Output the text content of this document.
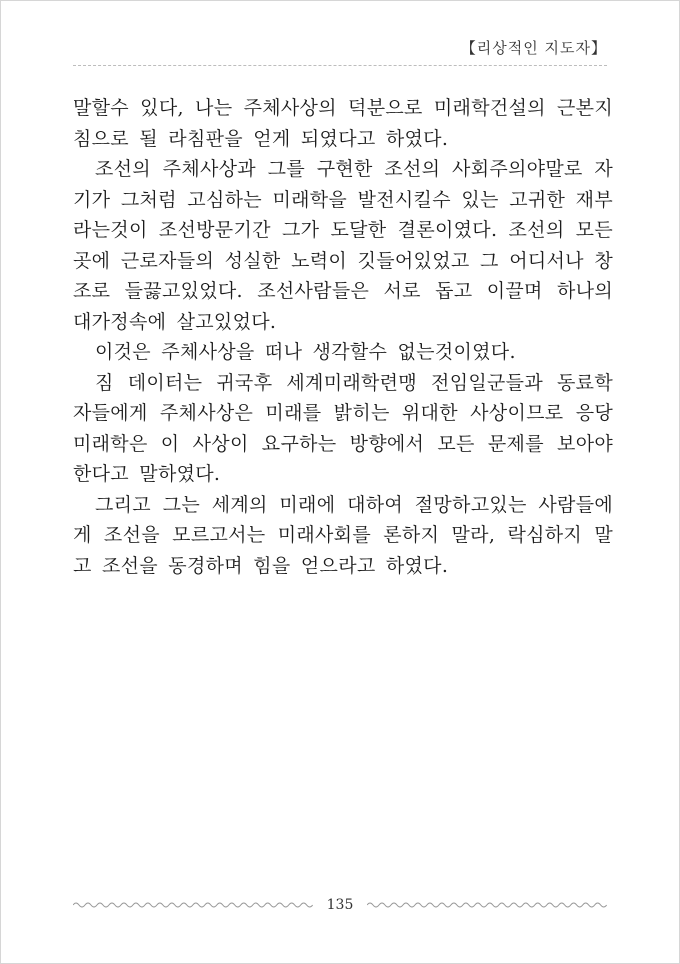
【리상적인 지도자】

말할수 있다, 나는 주체사상의 덕분으로 미래학건설의 근본지침으로 될 라침판을 얻게 되였다고 하였다.

조선의 주체사상과 그를 구현한 조선의 사회주의야말로 자기가 그처럼 고심하는 미래학을 발전시킬수 있는 고귀한 재부라는것이 조선방문기간 그가 도달한 결론이였다. 조선의 모든 곳에 근로자들의 성실한 노력이 깃들어있었고 그 어디서나 창조로 들끓고있었다. 조선사람들은 서로 돕고 이끌며 하나의 대가정속에 살고있었다.

이것은 주체사상을 떠나 생각할수 없는것이였다.

짐 데이터는 귀국후 세계미래학련맹 전임일군들과 동료학자들에게 주체사상은 미래를 밝히는 위대한 사상이므로 응당 미래학은 이 사상이 요구하는 방향에서 모든 문제를 보아야 한다고 말하였다.

그리고 그는 세계의 미래에 대하여 절망하고있는 사람들에게 조선을 모르고서는 미래사회를 론하지 말라, 락심하지 말고 조선을 동경하며 힘을 얻으라고 하였다.

135
